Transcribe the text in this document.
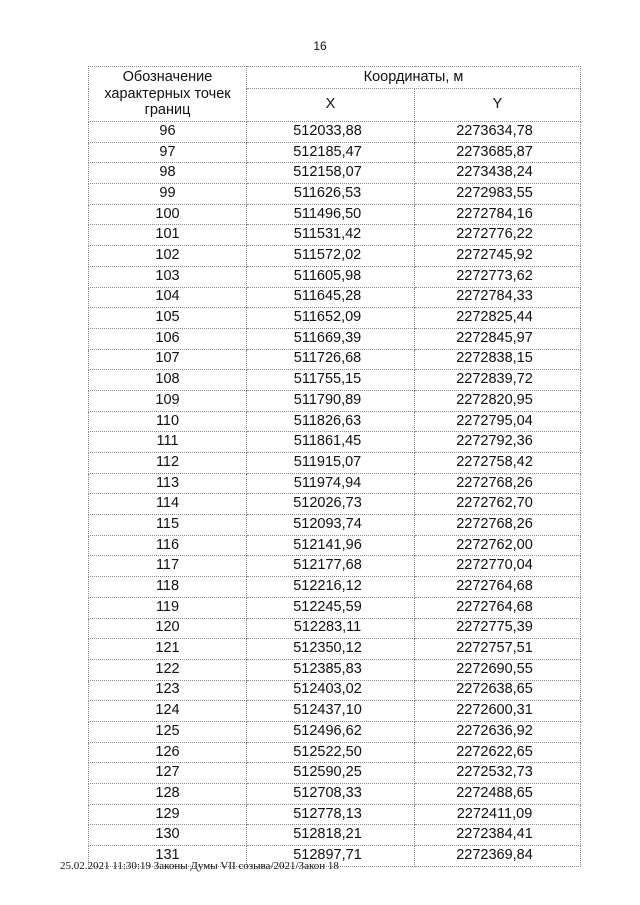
16
Обозначение характерных точек границ	Координаты, м	
	X	Y
96	512033,88	2273634,78
97	512185,47	2273685,87
98	512158,07	2273438,24
99	511626,53	2272983,55
100	511496,50	2272784,16
101	511531,42	2272776,22
102	511572,02	2272745,92
103	511605,98	2272773,62
104	511645,28	2272784,33
105	511652,09	2272825,44
106	511669,39	2272845,97
107	511726,68	2272838,15
108	511755,15	2272839,72
109	511790,89	2272820,95
110	511826,63	2272795,04
111	511861,45	2272792,36
112	511915,07	2272758,42
113	511974,94	2272768,26
114	512026,73	2272762,70
115	512093,74	2272768,26
116	512141,96	2272762,00
117	512177,68	2272770,04
118	512216,12	2272764,68
119	512245,59	2272764,68
120	512283,11	2272775,39
121	512350,12	2272757,51
122	512385,83	2272690,55
123	512403,02	2272638,65
124	512437,10	2272600,31
125	512496,62	2272636,92
126	512522,50	2272622,65
127	512590,25	2272532,73
128	512708,33	2272488,65
129	512778,13	2272411,09
130	512818,21	2272384,41
131	512897,71	2272369,84
25.02.2021 11:30:19 Законы Думы VII созыва/2021/Закон 18
